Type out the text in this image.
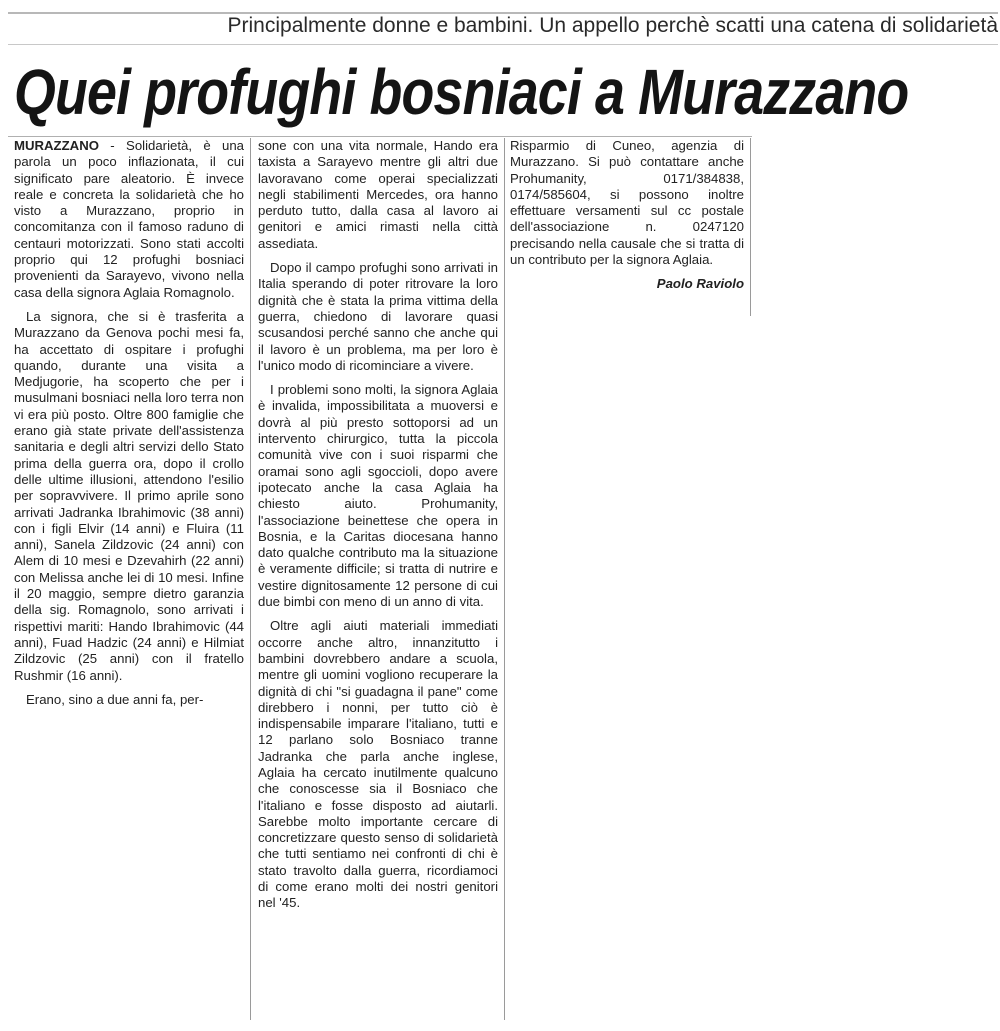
Principalmente donne e bambini. Un appello perchè scatti una catena di solidarietà
Quei profughi bosniaci a Murazzano

MURAZZANO - Solidarietà, è una parola un poco inflazionata, il cui significato pare aleatorio. È invece reale e concreta la solidarietà che ho visto a Murazzano, proprio in concomitanza con il famoso raduno di centauri motorizzati. Sono stati accolti proprio qui 12 profughi bosniaci provenienti da Sarayevo, vivono nella casa della signora Aglaia Romagnolo.

La signora, che si è trasferita a Murazzano da Genova pochi mesi fa, ha accettato di ospitare i profughi quando, durante una visita a Medjugorie, ha scoperto che per i musulmani bosniaci nella loro terra non vi era più posto. Oltre 800 famiglie che erano già state private dell'assistenza sanitaria e degli altri servizi dello Stato prima della guerra ora, dopo il crollo delle ultime illusioni, attendono l'esilio per sopravvivere. Il primo aprile sono arrivati Jadranka Ibrahimovic (38 anni) con i figli Elvir (14 anni) e Fluira (11 anni), Sanela Zildzovic (24 anni) con Alem di 10 mesi e Dzevahirh (22 anni) con Melissa anche lei di 10 mesi. Infine il 20 maggio, sempre dietro garanzia della sig. Romagnolo, sono arrivati i rispettivi mariti: Hando Ibrahimovic (44 anni), Fuad Hadzic (24 anni) e Hilmiat Zildzovic (25 anni) con il fratello Rushmir (16 anni).

Erano, sino a due anni fa, per-

sone con una vita normale, Hando era taxista a Sarayevo mentre gli altri due lavoravano come operai specializzati negli stabilimenti Mercedes, ora hanno perduto tutto, dalla casa al lavoro ai genitori e amici rimasti nella città assediata.

Dopo il campo profughi sono arrivati in Italia sperando di poter ritrovare la loro dignità che è stata la prima vittima della guerra, chiedono di lavorare quasi scusandosi perché sanno che anche qui il lavoro è un problema, ma per loro è l'unico modo di ricominciare a vivere.

I problemi sono molti, la signora Aglaia è invalida, impossibilitata a muoversi e dovrà al più presto sottoporsi ad un intervento chirurgico, tutta la piccola comunità vive con i suoi risparmi che oramai sono agli sgoccioli, dopo avere ipotecato anche la casa Aglaia ha chiesto aiuto. Prohumanity, l'associazione beinettese che opera in Bosnia, e la Caritas diocesana hanno dato qualche contributo ma la situazione è veramente difficile; si tratta di nutrire e vestire dignitosamente 12 persone di cui due bimbi con meno di un anno di vita.

Oltre agli aiuti materiali immediati occorre anche altro, innanzitutto i bambini dovrebbero andare a scuola, mentre gli uomini vogliono recuperare la dignità di chi "si guadagna il pane" come direbbero i nonni, per tutto ciò è indispensabile imparare l'italiano, tutti e 12 parlano solo Bosniaco tranne Jadranka che parla anche inglese, Aglaia ha cercato inutilmente qualcuno che conoscesse sia il Bosniaco che l'italiano e fosse disposto ad aiutarli. Sarebbe molto importante cercare di concretizzare questo senso di solidarietà che tutti sentiamo nei confronti di chi è stato travolto dalla guerra, ricordiamoci di come erano molti dei nostri genitori nel '45.

Risparmio di Cuneo, agenzia di Murazzano. Si può contattare anche Prohumanity, 0171/384838, 0174/585604, si possono inoltre effettuare versamenti sul cc postale dell'associazione n. 0247120 precisando nella causale che si tratta di un contributo per la signora Aglaia.

Paolo Raviolo
